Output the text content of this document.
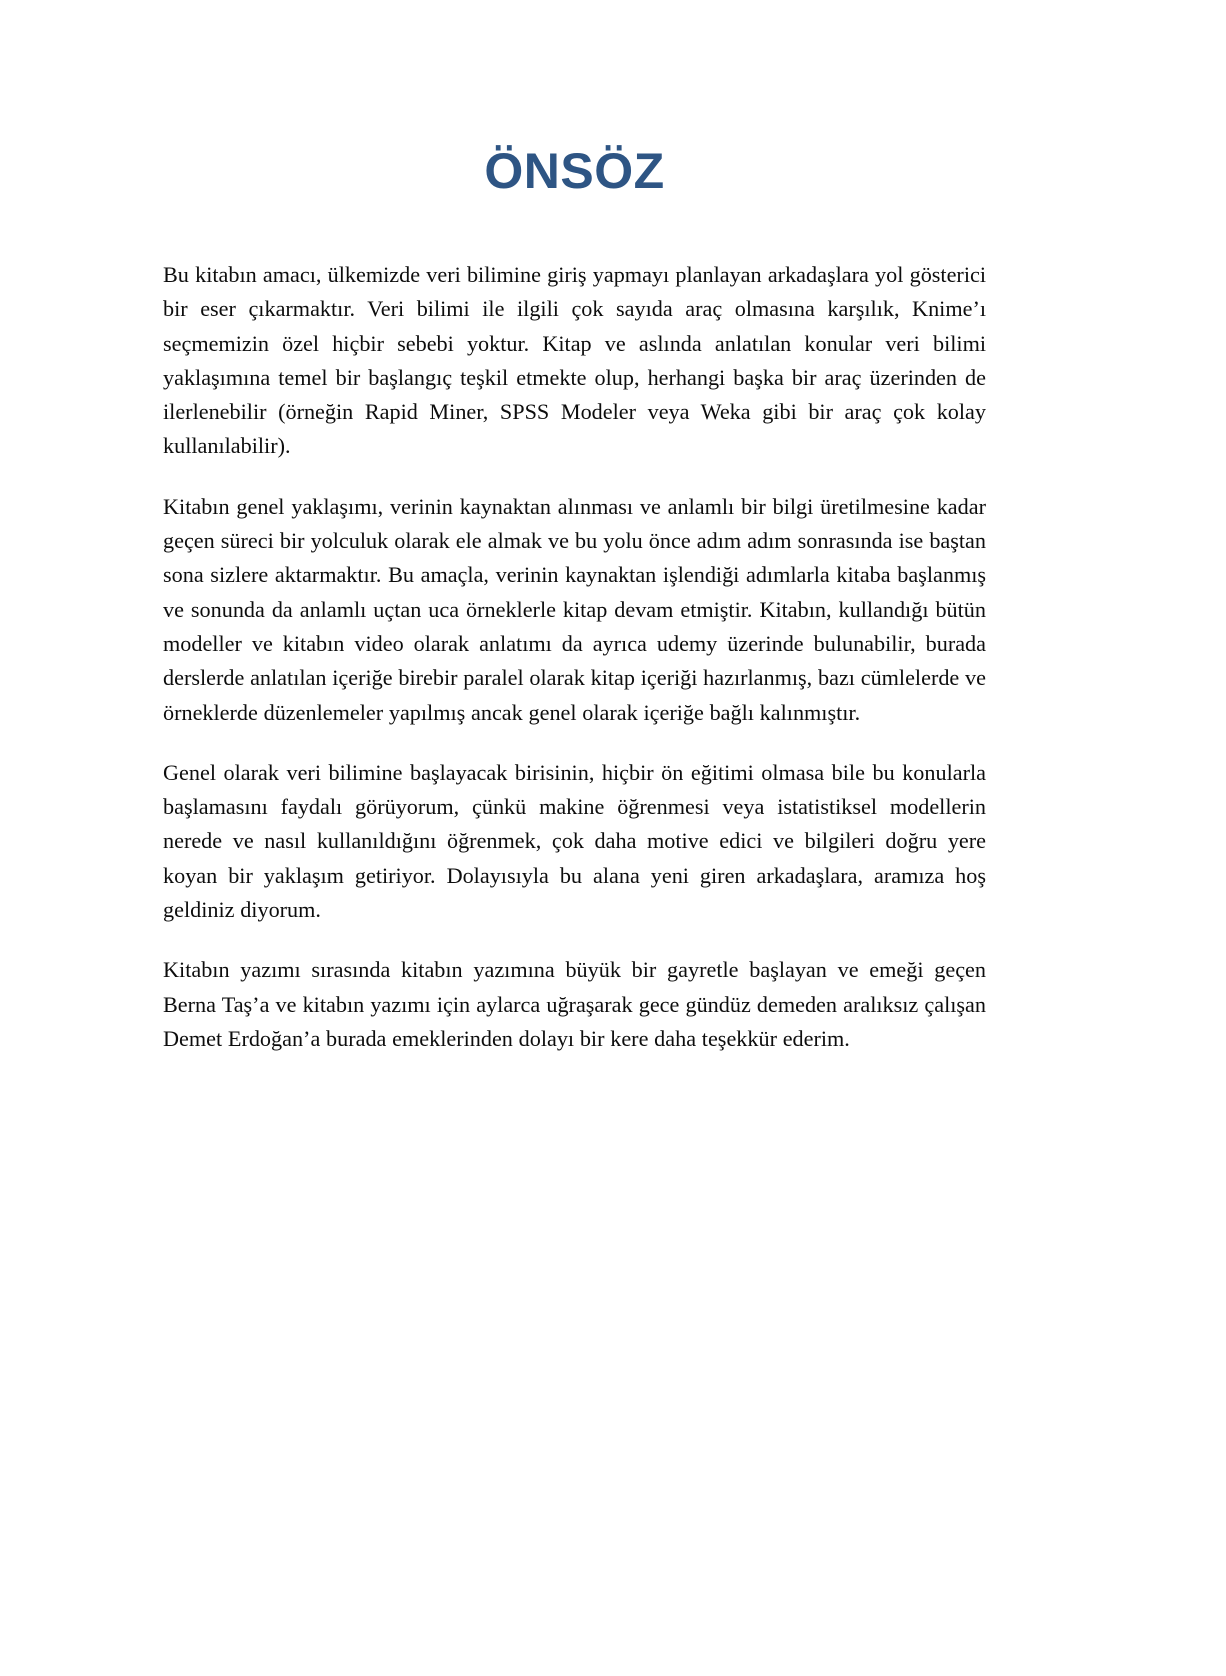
ÖNSÖZ

Bu kitabın amacı, ülkemizde veri bilimine giriş yapmayı planlayan arkadaşlara yol gösterici bir eser çıkarmaktır. Veri bilimi ile ilgili çok sayıda araç olmasına karşılık, Knime’ı seçmemizin özel hiçbir sebebi yoktur. Kitap ve aslında anlatılan konular veri bilimi yaklaşımına temel bir başlangıç teşkil etmekte olup, herhangi başka bir araç üzerinden de ilerlenebilir (örneğin Rapid Miner, SPSS Modeler veya Weka gibi bir araç çok kolay kullanılabilir).

Kitabın genel yaklaşımı, verinin kaynaktan alınması ve anlamlı bir bilgi üretilmesine kadar geçen süreci bir yolculuk olarak ele almak ve bu yolu önce adım adım sonrasında ise baştan sona sizlere aktarmaktır. Bu amaçla, verinin kaynaktan işlendiği adımlarla kitaba başlanmış ve sonunda da anlamlı uçtan uca örneklerle kitap devam etmiştir. Kitabın, kullandığı bütün modeller ve kitabın video olarak anlatımı da ayrıca udemy üzerinde bulunabilir, burada derslerde anlatılan içeriğe birebir paralel olarak kitap içeriği hazırlanmış, bazı cümlelerde ve örneklerde düzenlemeler yapılmış ancak genel olarak içeriğe bağlı kalınmıştır.

Genel olarak veri bilimine başlayacak birisinin, hiçbir ön eğitimi olmasa bile bu konularla başlamasını faydalı görüyorum, çünkü makine öğrenmesi veya istatistiksel modellerin nerede ve nasıl kullanıldığını öğrenmek, çok daha motive edici ve bilgileri doğru yere koyan bir yaklaşım getiriyor. Dolayısıyla bu alana yeni giren arkadaşlara, aramıza hoş geldiniz diyorum.

Kitabın yazımı sırasında kitabın yazımına büyük bir gayretle başlayan ve emeği geçen Berna Taş’a ve kitabın yazımı için aylarca uğraşarak gece gündüz demeden aralıksız çalışan Demet Erdoğan’a burada emeklerinden dolayı bir kere daha teşekkür ederim.
